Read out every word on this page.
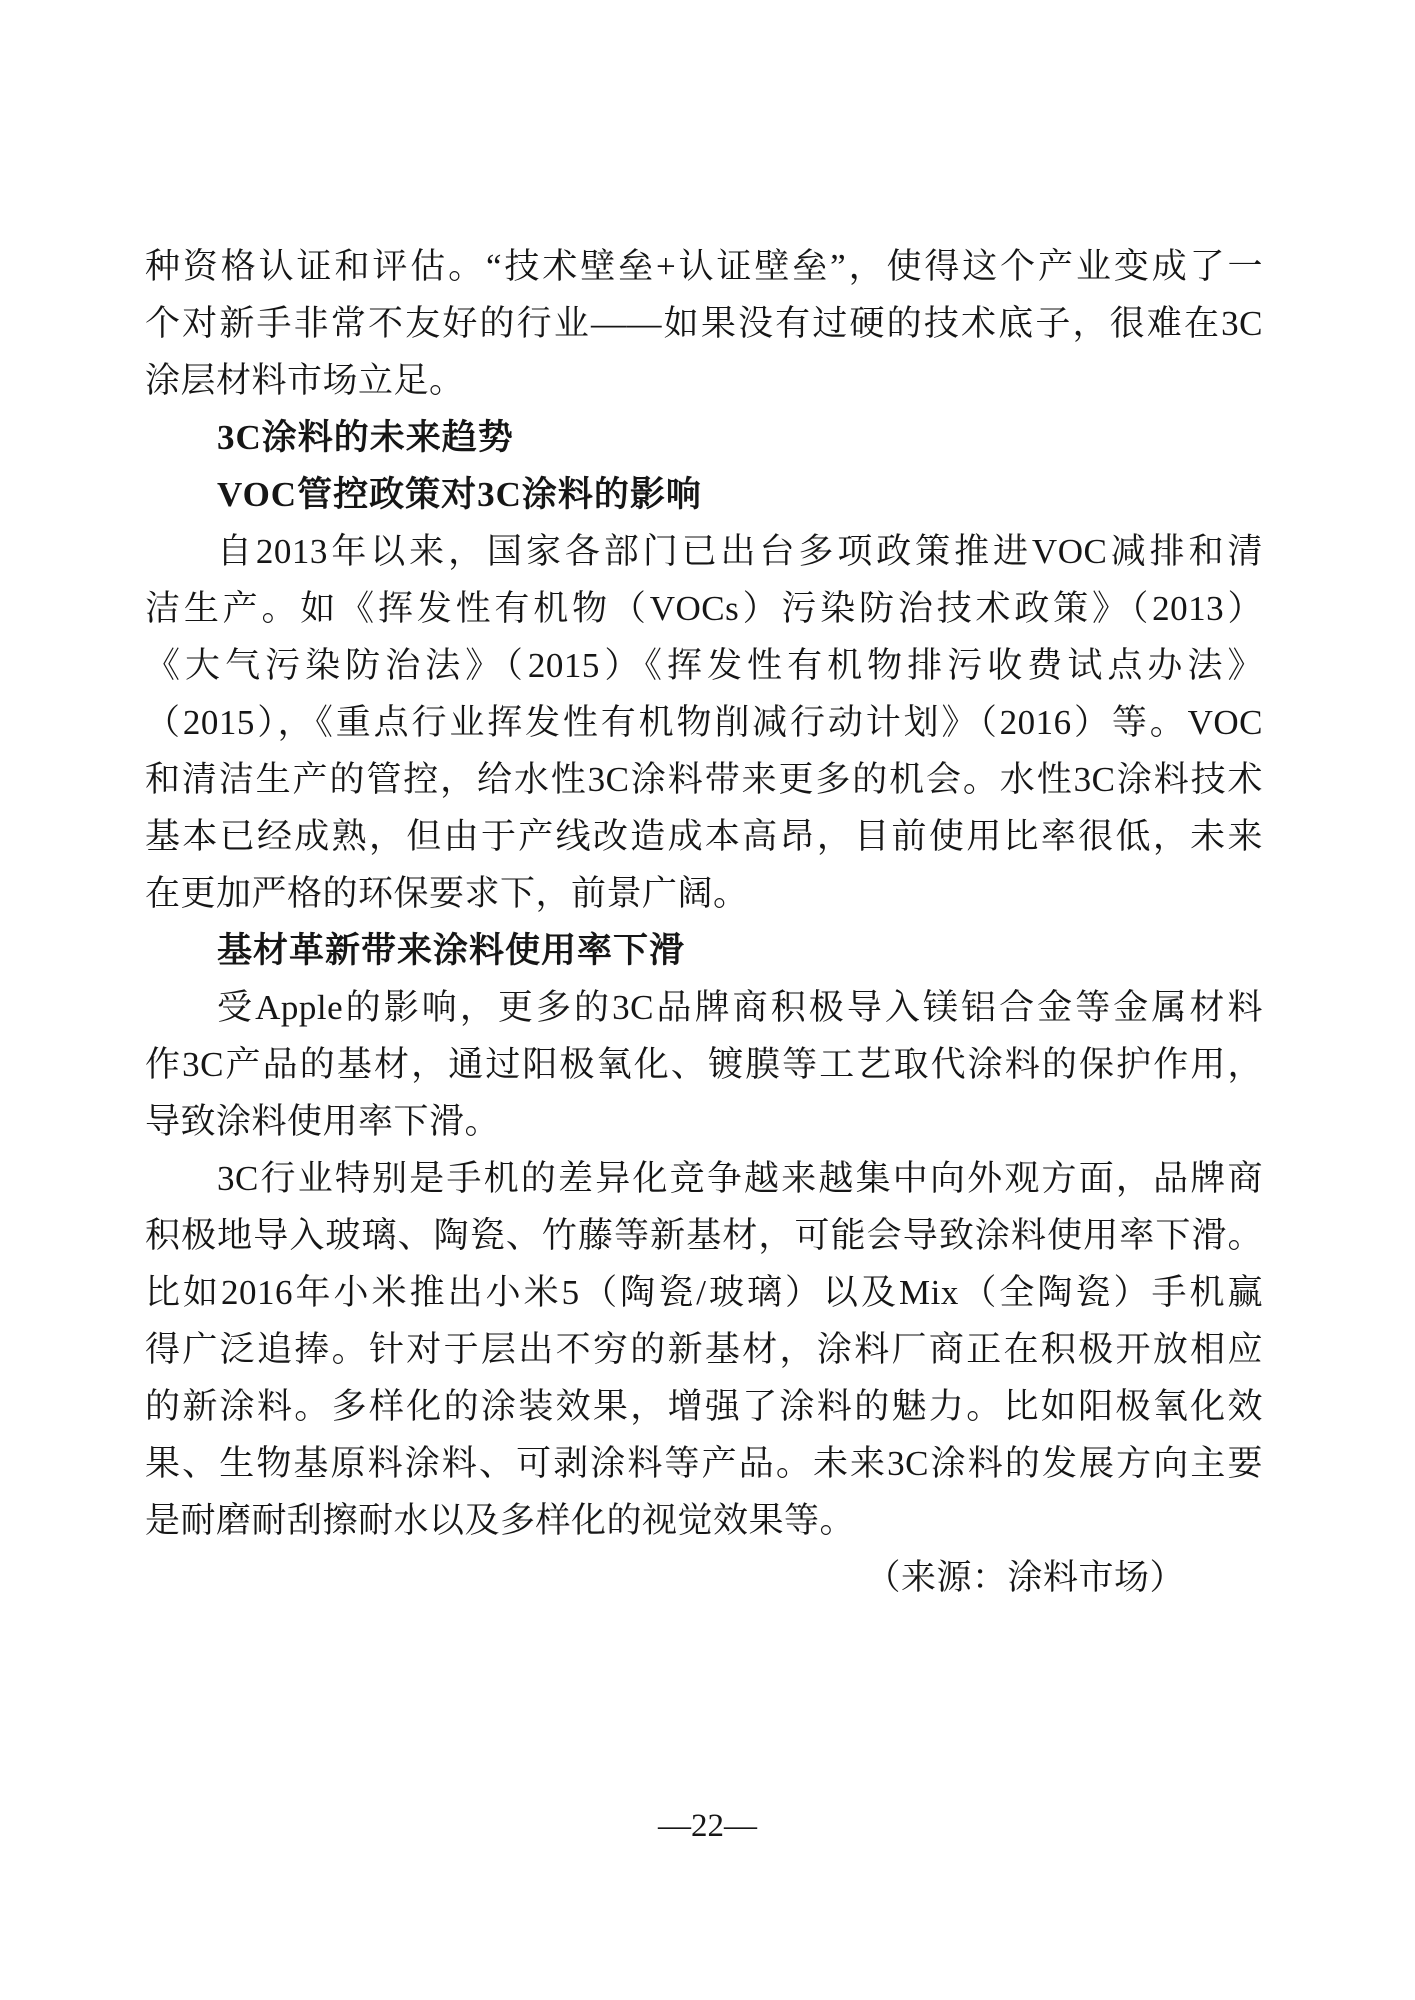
种资格认证和评估。“技术壁垒+认证壁垒”，使得这个产业变成了一
个对新手非常不友好的行业——如果没有过硬的技术底子，很难在3C
涂层材料市场立足。
3C涂料的未来趋势
VOC管控政策对3C涂料的影响
自2013年以来，国家各部门已出台多项政策推进VOC减排和清
洁生产。如《挥发性有机物（VOCs）污染防治技术政策》（2013）
《大气污染防治法》（2015）《挥发性有机物排污收费试点办法》
（2015），《重点行业挥发性有机物削减行动计划》（2016）等。VOC
和清洁生产的管控，给水性3C涂料带来更多的机会。水性3C涂料技术
基本已经成熟，但由于产线改造成本高昂，目前使用比率很低，未来
在更加严格的环保要求下，前景广阔。
基材革新带来涂料使用率下滑
受Apple的影响，更多的3C品牌商积极导入镁铝合金等金属材料
作3C产品的基材，通过阳极氧化、镀膜等工艺取代涂料的保护作用，
导致涂料使用率下滑。
3C行业特别是手机的差异化竞争越来越集中向外观方面，品牌商
积极地导入玻璃、陶瓷、竹藤等新基材，可能会导致涂料使用率下滑。
比如2016年小米推出小米5（陶瓷/玻璃）以及Mix（全陶瓷）手机赢
得广泛追捧。针对于层出不穷的新基材，涂料厂商正在积极开放相应
的新涂料。多样化的涂装效果，增强了涂料的魅力。比如阳极氧化效
果、生物基原料涂料、可剥涂料等产品。未来3C涂料的发展方向主要
是耐磨耐刮擦耐水以及多样化的视觉效果等。
（来源：涂料市场）
—22—
